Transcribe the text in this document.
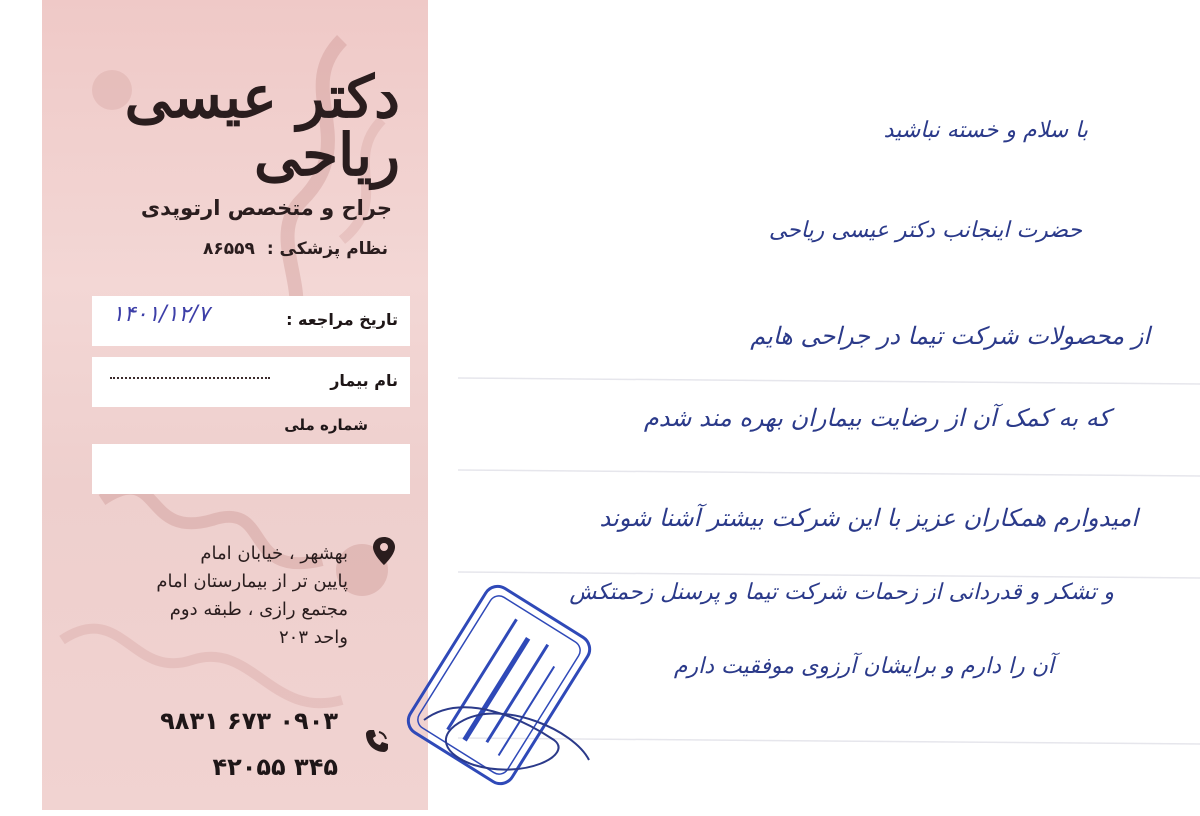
دکتر عیسی ریاحی
جراح و متخصص ارتوپدی
نظام پزشکی : ۸۶۵۵۹
تاریخ مراجعه :
۱۴۰۱/۱۲/۷
نام بیمار
شماره ملی
بهشهر ، خیابان امام
پایین تر از بیمارستان امام
مجتمع رازی ، طبقه دوم
واحد ۲۰۳
۰۹۰۳ ۶۷۳ ۹۸۳۱
۳۴۵ ۴۲۰۵۵
با سلام و خسته نباشید
حضرت اینجانب دکتر عیسی ریاحی
از محصولات شرکت تیما در جراحی هایم
که به کمک آن از رضایت بیماران بهره مند شدم
امیدوارم همکاران عزیز با این شرکت بیشتر آشنا شوند
و تشکر و قدردانی از زحمات شرکت تیما و پرسنل زحمتکش
آن را دارم و برایشان آرزوی موفقیت دارم
